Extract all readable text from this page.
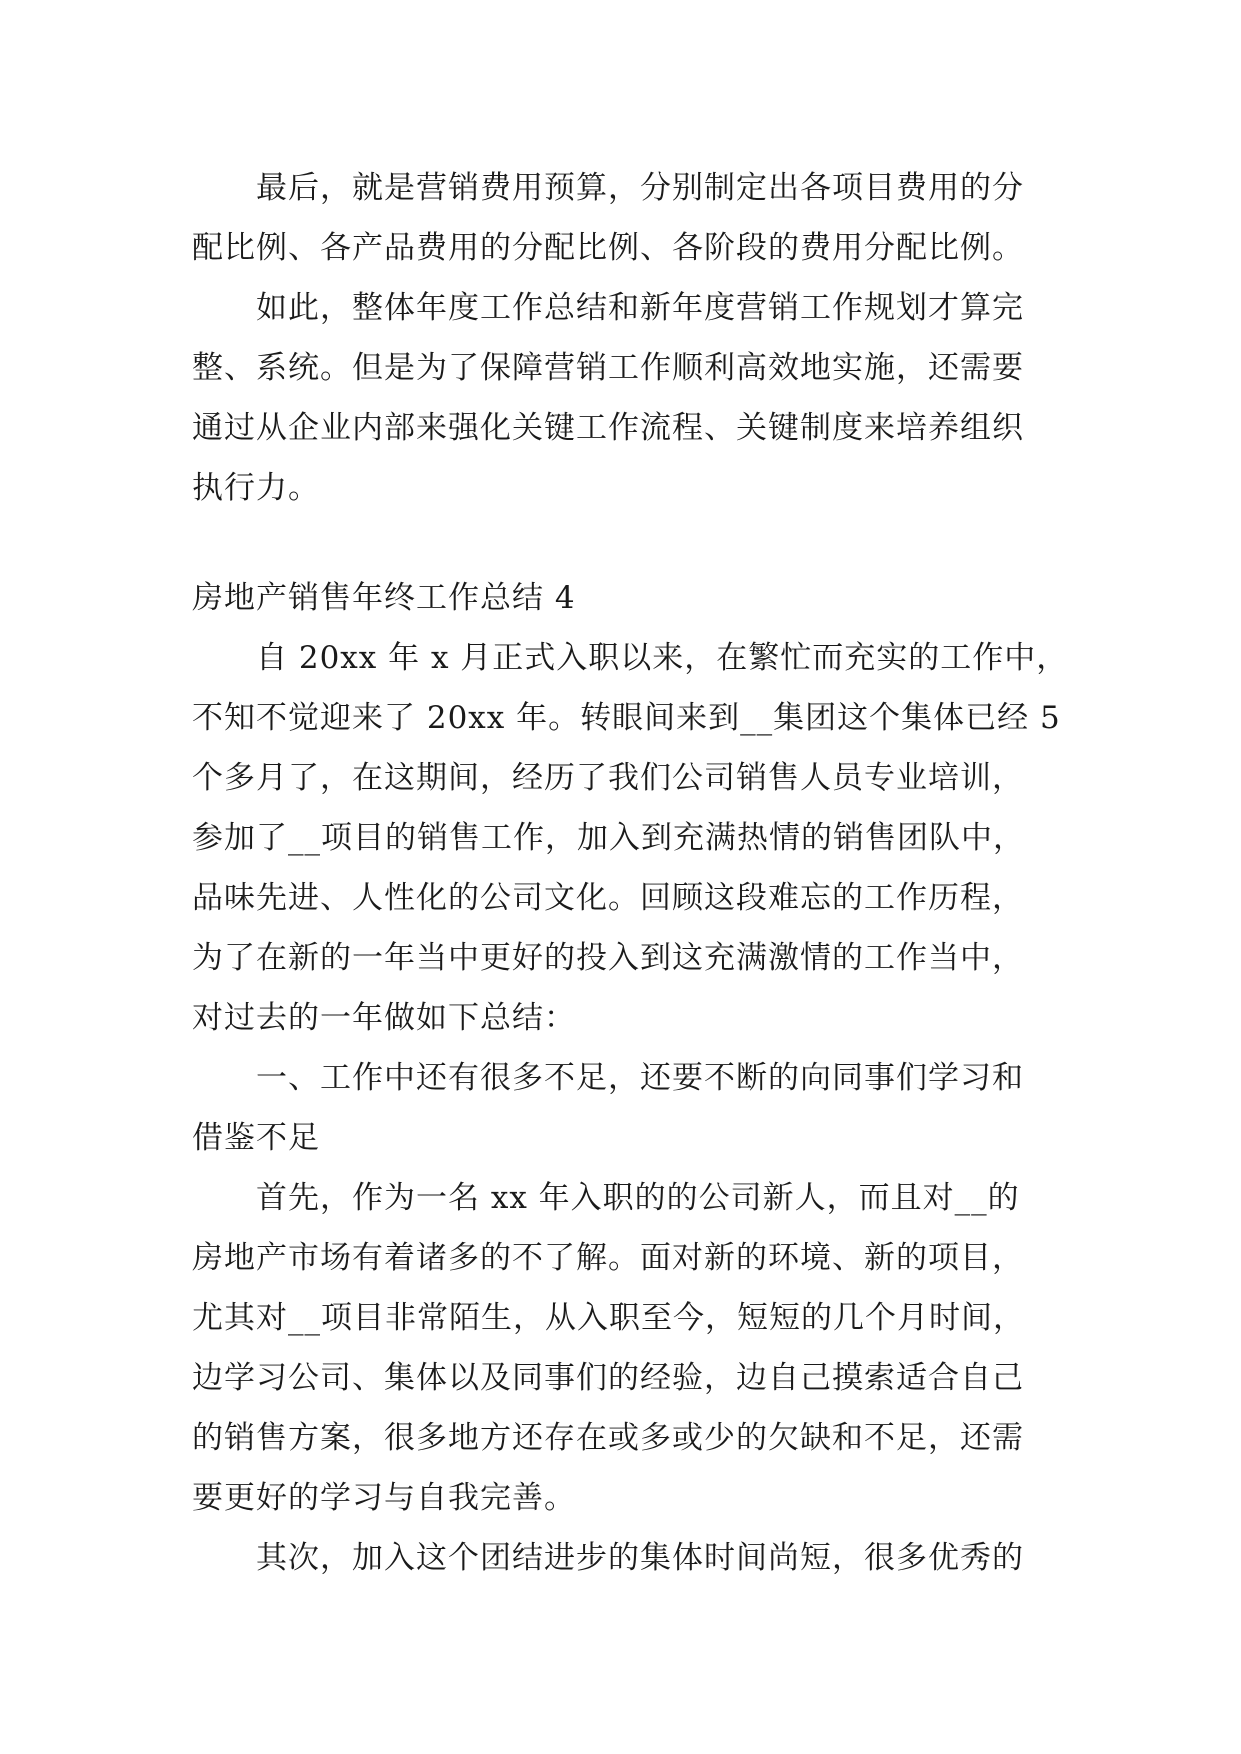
最后，就是营销费用预算，分别制定出各项目费用的分
配比例、各产品费用的分配比例、各阶段的费用分配比例。
如此，整体年度工作总结和新年度营销工作规划才算完
整、系统。但是为了保障营销工作顺利高效地实施，还需要
通过从企业内部来强化关键工作流程、关键制度来培养组织
执行力。
房地产销售年终工作总结 4
自 20xx 年 x 月正式入职以来，在繁忙而充实的工作中，
不知不觉迎来了 20xx 年。转眼间来到__集团这个集体已经 5
个多月了，在这期间，经历了我们公司销售人员专业培训，
参加了__项目的销售工作，加入到充满热情的销售团队中，
品味先进、人性化的公司文化。回顾这段难忘的工作历程，
为了在新的一年当中更好的投入到这充满激情的工作当中，
对过去的一年做如下总结：
一、工作中还有很多不足，还要不断的向同事们学习和
借鉴不足
首先，作为一名 xx 年入职的的公司新人，而且对__的
房地产市场有着诸多的不了解。面对新的环境、新的项目，
尤其对__项目非常陌生，从入职至今，短短的几个月时间，
边学习公司、集体以及同事们的经验，边自己摸索适合自己
的销售方案，很多地方还存在或多或少的欠缺和不足，还需
要更好的学习与自我完善。
其次，加入这个团结进步的集体时间尚短，很多优秀的
